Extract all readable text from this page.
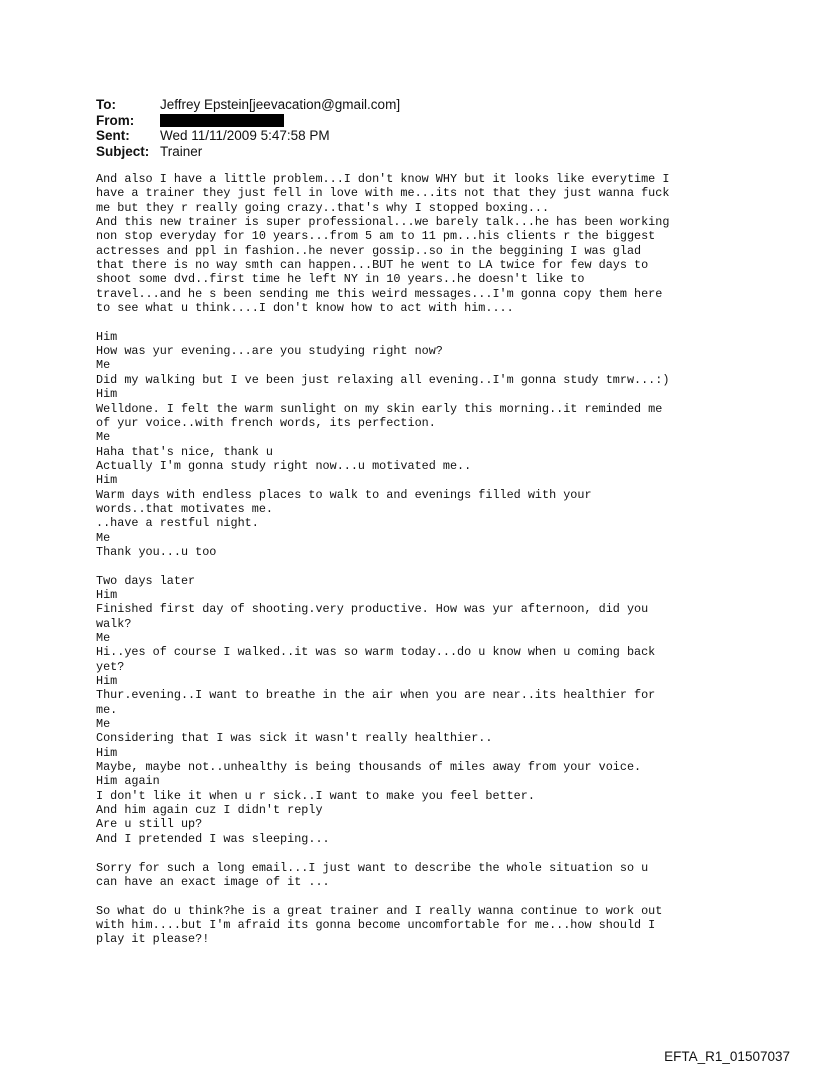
To:	Jeffrey Epstein[jeevacation@gmail.com]
From:
Sent:	Wed 11/11/2009 5:47:58 PM
Subject: Trainer
And also I have a little problem...I don't know WHY but it looks like everytime I
have a trainer they just fell in love with me...its not that they just wanna fuck
me but they r really going crazy..that's why I stopped boxing...
And this new trainer is super professional...we barely talk...he has been working
non stop everyday for 10 years...from 5 am to 11 pm...his clients r the biggest
actresses and ppl in fashion..he never gossip..so in the beggining I was glad
that there is no way smth can happen...BUT he went to LA twice for few days to
shoot some dvd..first time he left NY in 10 years..he doesn't like to
travel...and he s been sending me this weird messages...I'm gonna copy them here
to see what u think....I don't know how to act with him....
Him
How was yur evening...are you studying right now?
Me
Did my walking but I ve been just relaxing all evening..I'm gonna study tmrw...:)
Him
Welldone. I felt the warm sunlight on my skin early this morning..it reminded me
of yur voice..with french words, its perfection.
Me
Haha that's nice, thank u
Actually I'm gonna study right now...u motivated me..
Him
Warm days with endless places to walk to and evenings filled with your
words..that motivates me.
..have a restful night.
Me
Thank you...u too
Two days later
Him
Finished first day of shooting.very productive. How was yur afternoon, did you
walk?
Me
Hi..yes of course I walked..it was so warm today...do u know when u coming back
yet?
Him
Thur.evening..I want to breathe in the air when you are near..its healthier for
me.
Me
Considering that I was sick it wasn't really healthier..
Him
Maybe, maybe not..unhealthy is being thousands of miles away from your voice.
Him again
I don't like it when u r sick..I want to make you feel better.
And him again cuz I didn't reply
Are u still up?
And I pretended I was sleeping...
Sorry for such a long email...I just want to describe the whole situation so u
can have an exact image of it ...
So what do u think?he is a great trainer and I really wanna continue to work out
with him....but I'm afraid its gonna become uncomfortable for me...how should I
play it please?!
EFTA_R1_01507037
